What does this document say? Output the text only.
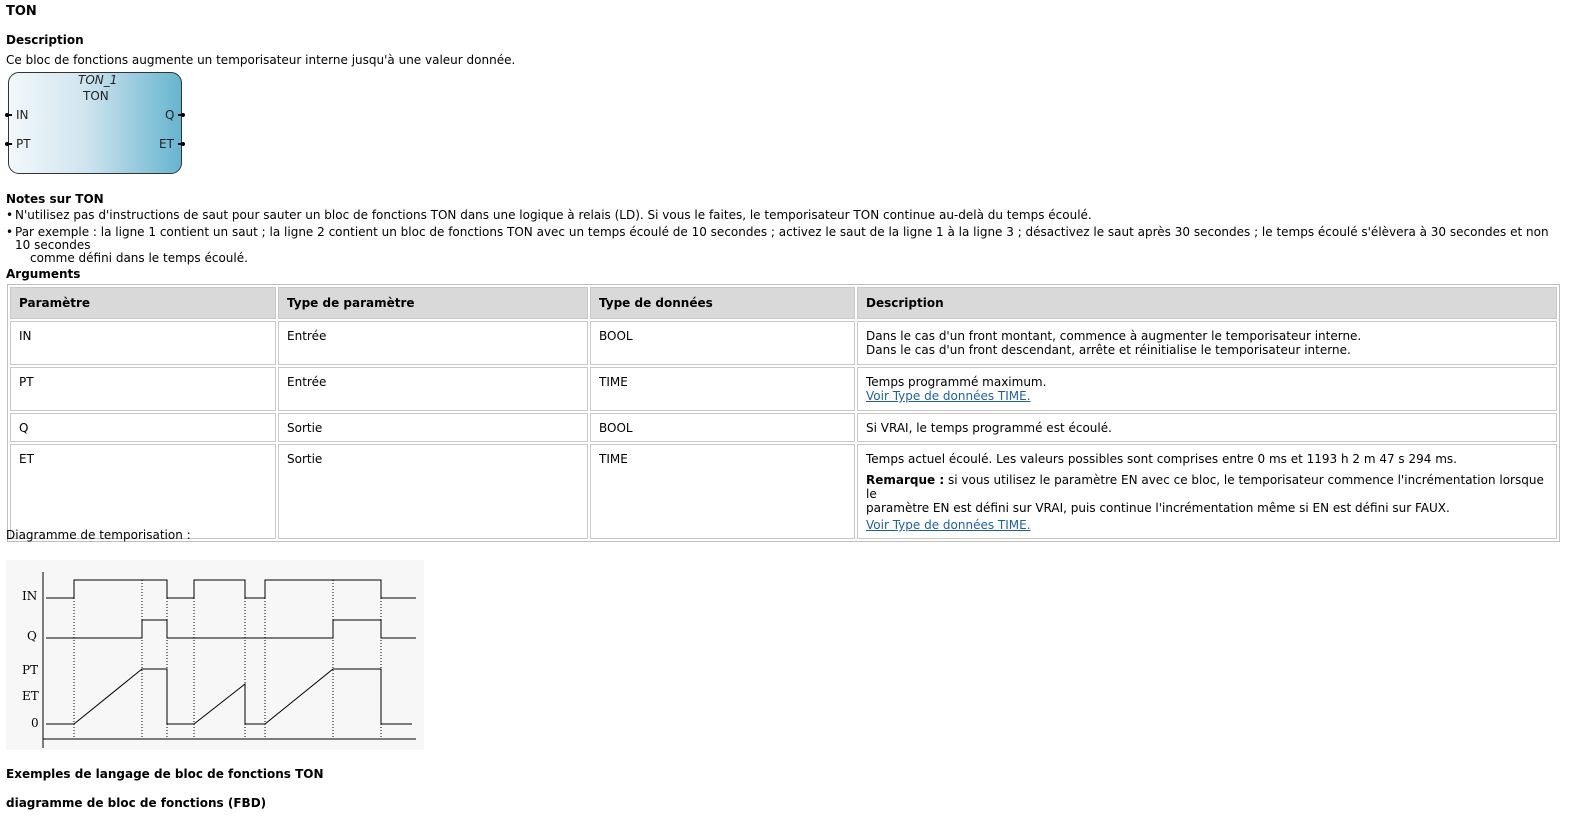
TON
Description
Ce bloc de fonctions augmente un temporisateur interne jusqu'à une valeur donnée.
TON_1
TON
IN
PT
Q
ET
Notes sur TON
• N'utilisez pas d'instructions de saut pour sauter un bloc de fonctions TON dans une logique à relais (LD). Si vous le faites, le temporisateur TON continue au-delà du temps écoulé.
• Par exemple : la ligne 1 contient un saut ; la ligne 2 contient un bloc de fonctions TON avec un temps écoulé de 10 secondes ; activez le saut de la ligne 1 à la ligne 3 ; désactivez le saut après 30 secondes ; le temps écoulé s'élèvera à 30 secondes et non 10 secondes
comme défini dans le temps écoulé.
Arguments
Paramètre	Type de paramètre	Type de données	Description
IN	Entrée	BOOL	Dans le cas d'un front montant, commence à augmenter le temporisateur interne.
Dans le cas d'un front descendant, arrête et réinitialise le temporisateur interne.

PT	Entrée	TIME	Temps programmé maximum.
Voir Type de données TIME.
Q	Sortie	BOOL	Si VRAI, le temps programmé est écoulé.
ET	Sortie	TIME	Temps actuel écoulé. Les valeurs possibles sont comprises entre 0 ms et 1193 h 2 m 47 s 294 ms.
Remarque : si vous utilisez le paramètre EN avec ce bloc, le temporisateur commence l'incrémentation lorsque le
paramètre EN est défini sur VRAI, puis continue l'incrémentation même si EN est défini sur FAUX.
Voir Type de données TIME.
Diagramme de temporisation :
IN
Q
PT
ET
0
Exemples de langage de bloc de fonctions TON
diagramme de bloc de fonctions (FBD)
